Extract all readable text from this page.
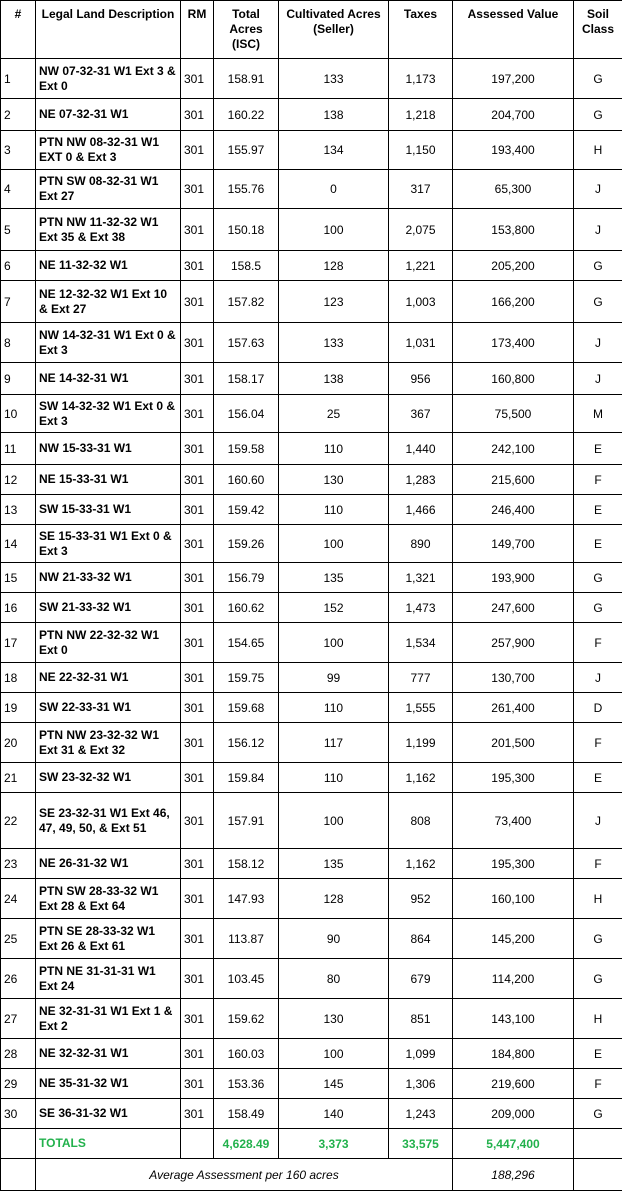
#	Legal Land Description	RM	Total Acres (ISC)	Cultivated Acres (Seller)	Taxes	Assessed Value	Soil Class
1	NW 07-32-31 W1 Ext 3 & Ext 0	301	158.91	133	1,173	197,200	G
2	NE 07-32-31 W1	301	160.22	138	1,218	204,700	G
3	PTN NW 08-32-31 W1 EXT 0 & Ext 3	301	155.97	134	1,150	193,400	H
4	PTN SW 08-32-31 W1 Ext 27	301	155.76	0	317	65,300	J
5	PTN NW 11-32-32 W1 Ext 35 & Ext 38	301	150.18	100	2,075	153,800	J
6	NE 11-32-32 W1	301	158.5	128	1,221	205,200	G
7	NE 12-32-32 W1 Ext 10 & Ext 27	301	157.82	123	1,003	166,200	G
8	NW 14-32-31 W1 Ext 0 & Ext 3	301	157.63	133	1,031	173,400	J
9	NE 14-32-31 W1	301	158.17	138	956	160,800	J
10	SW 14-32-32 W1 Ext 0 & Ext 3	301	156.04	25	367	75,500	M
11	NW 15-33-31 W1	301	159.58	110	1,440	242,100	E
12	NE 15-33-31 W1	301	160.60	130	1,283	215,600	F
13	SW 15-33-31 W1	301	159.42	110	1,466	246,400	E
14	SE 15-33-31 W1 Ext 0 & Ext 3	301	159.26	100	890	149,700	E
15	NW 21-33-32 W1	301	156.79	135	1,321	193,900	G
16	SW 21-33-32 W1	301	160.62	152	1,473	247,600	G
17	PTN NW 22-32-32 W1 Ext 0	301	154.65	100	1,534	257,900	F
18	NE 22-32-31 W1	301	159.75	99	777	130,700	J
19	SW 22-33-31 W1	301	159.68	110	1,555	261,400	D
20	PTN NW 23-32-32 W1 Ext 31 & Ext 32	301	156.12	117	1,199	201,500	F
21	SW 23-32-32 W1	301	159.84	110	1,162	195,300	E
22	SE 23-32-31 W1 Ext 46, 47, 49, 50, & Ext 51	301	157.91	100	808	73,400	J
23	NE 26-31-32 W1	301	158.12	135	1,162	195,300	F
24	PTN SW 28-33-32 W1 Ext 28 & Ext 64	301	147.93	128	952	160,100	H
25	PTN SE 28-33-32 W1 Ext 26 & Ext 61	301	113.87	90	864	145,200	G
26	PTN NE 31-31-31 W1 Ext 24	301	103.45	80	679	114,200	G
27	NE 32-31-31 W1 Ext 1 & Ext 2	301	159.62	130	851	143,100	H
28	NE 32-32-31 W1	301	160.03	100	1,099	184,800	E
29	NE 35-31-32 W1	301	153.36	145	1,306	219,600	F
30	SE 36-31-32 W1	301	158.49	140	1,243	209,000	G
	TOTALS		4,628.49	3,373	33,575	5,447,400	
	Average Assessment per 160 acres					188,296	
